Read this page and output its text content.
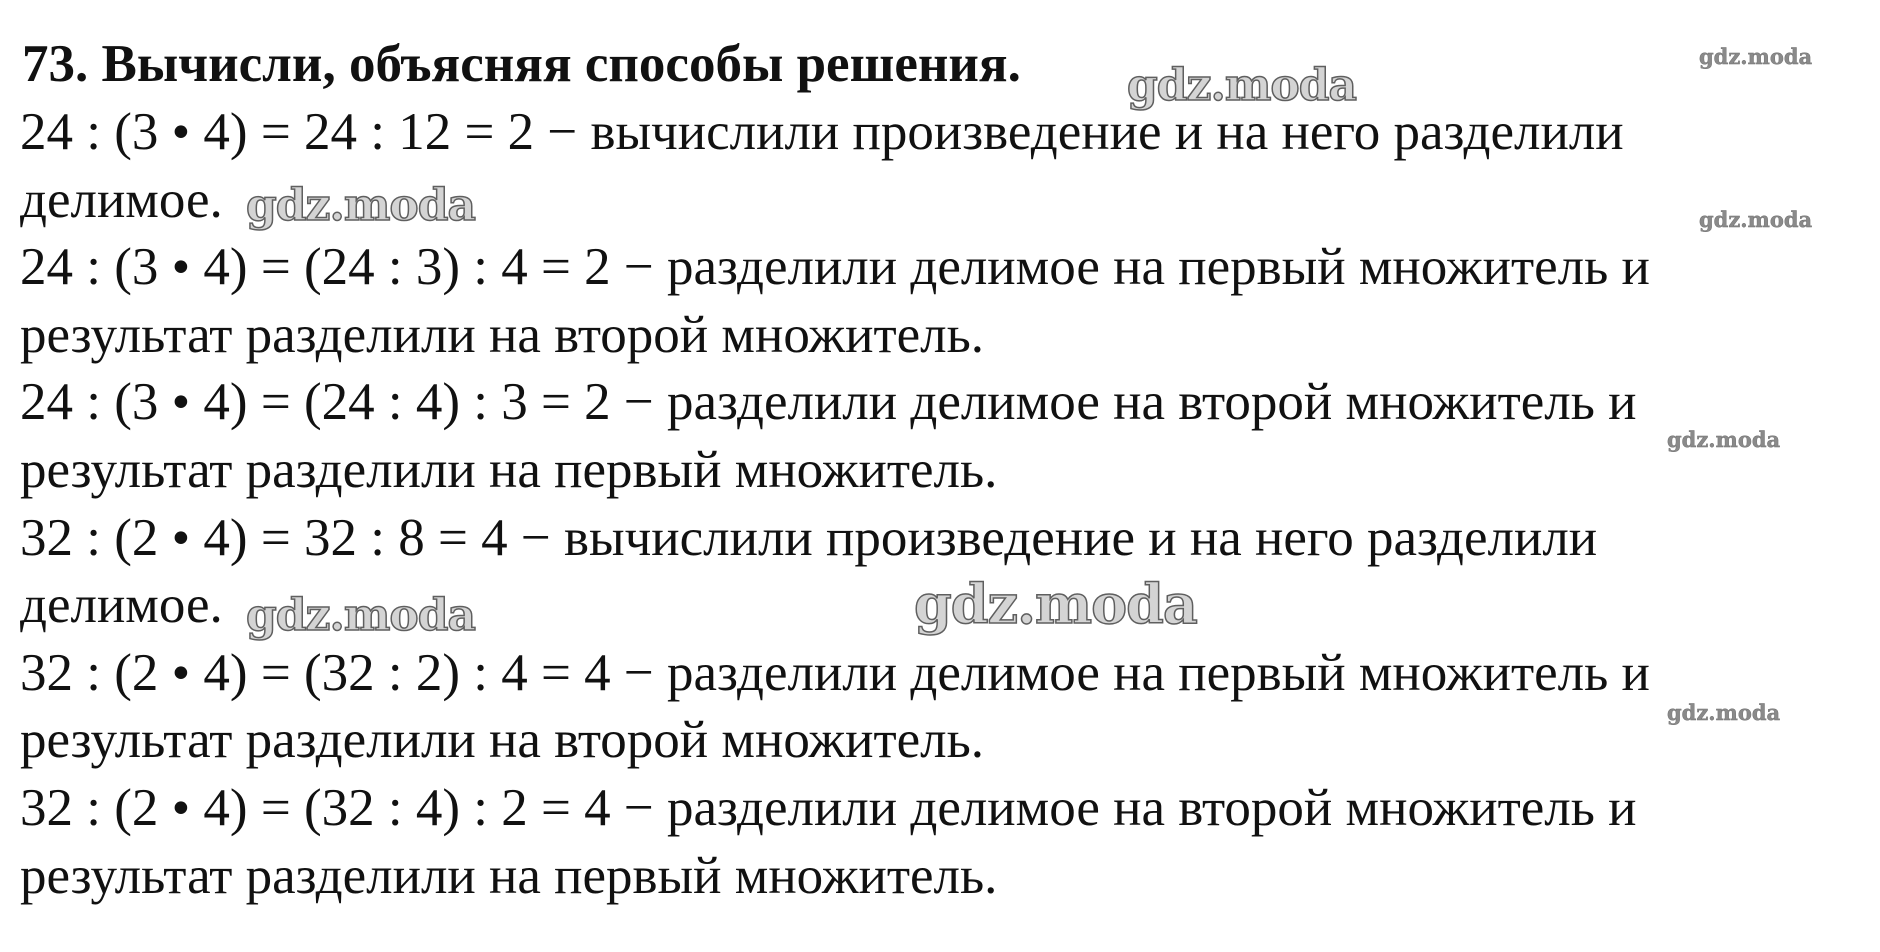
73. Вычисли, объясняя способы решения.
24 : (3 • 4) = 24 : 12 = 2 − вычислили произведение и на него разделили
делимое.
24 : (3 • 4) = (24 : 3) : 4 = 2 − разделили делимое на первый множитель и
результат разделили на второй множитель.
24 : (3 • 4) = (24 : 4) : 3 = 2 − разделили делимое на второй множитель и
результат разделили на первый множитель.
32 : (2 • 4) = 32 : 8 = 4 − вычислили произведение и на него разделили
делимое.
32 : (2 • 4) = (32 : 2) : 4 = 4 − разделили делимое на первый множитель и
результат разделили на второй множитель.
32 : (2 • 4) = (32 : 4) : 2 = 4 − разделили делимое на второй множитель и
результат разделили на первый множитель.
gdz.moda
gdz.moda
gdz.moda	gdz.moda
gdz.moda
gdz.moda	gdz.moda
gdz.moda
